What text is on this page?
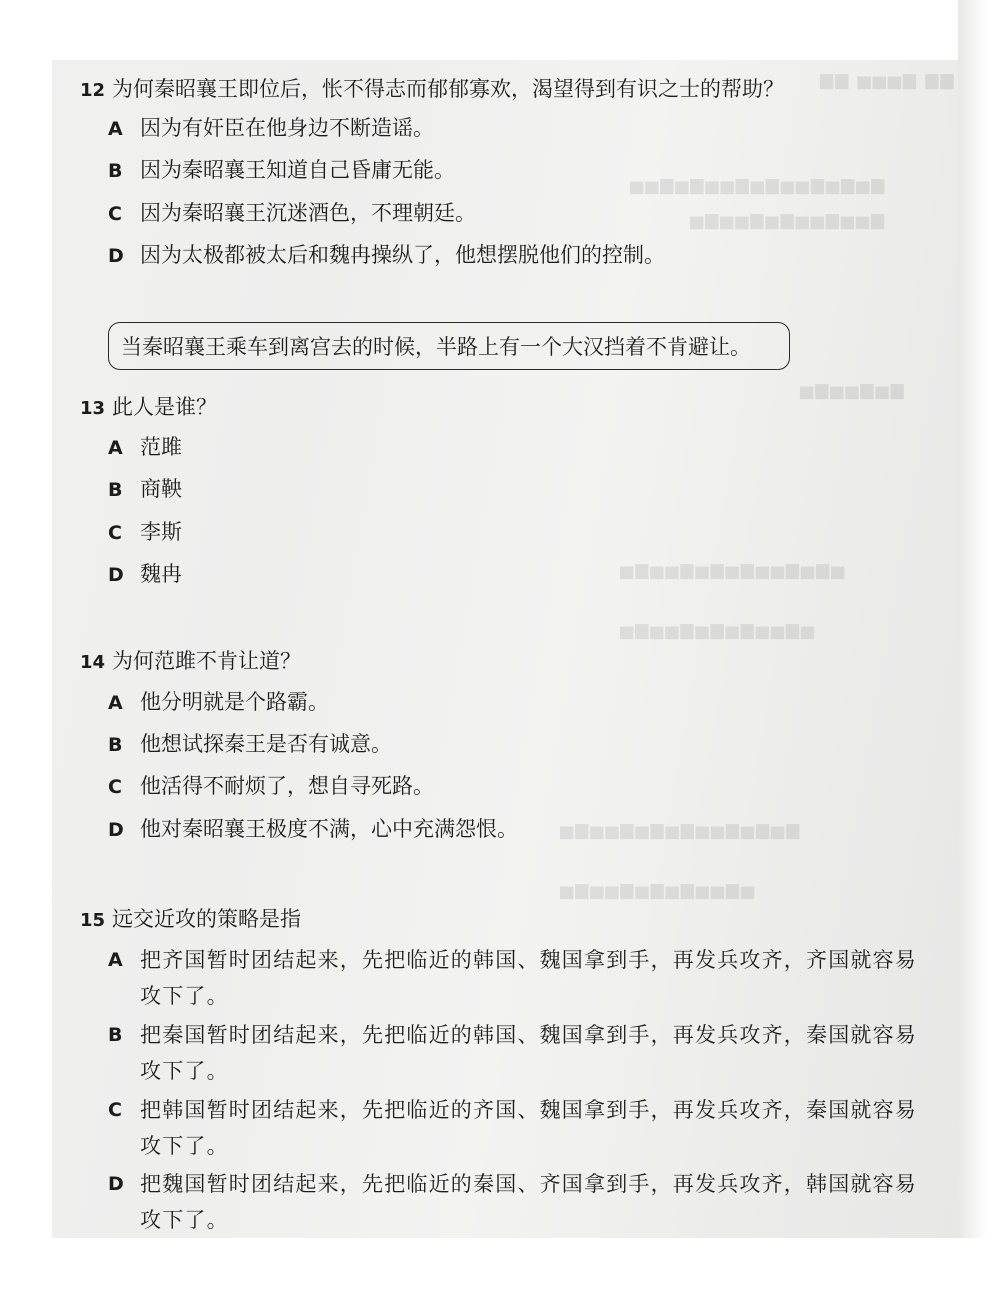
▆▆ ▅▅▅▆ ▆▆
▅▅▆▅▆▅▅▆▅▆▅▅▆▅▆▅▆
▅▆▅▅▆▅▆▅▅▆▅▅▆
▅▆▅▅▆▅▆
▅▆▅▅▆▅▆▅▆▅▅▆▅▆▅
▅▆▅▅▆▅▆▅▆▅▅▆▅
▅▆▅▅▆▅▆▅▆▅▅▆▅▆▅▆
▅▆▅▅▆▅▆▅▆▅▅▆▅
12 为何秦昭襄王即位后，怅不得志而郁郁寡欢，渴望得到有识之士的帮助？
A 因为有奸臣在他身边不断造谣。
B 因为秦昭襄王知道自己昏庸无能。
C 因为秦昭襄王沉迷酒色，不理朝廷。
D 因为太极都被太后和魏冉操纵了，他想摆脱他们的控制。
当秦昭襄王乘车到离宫去的时候，半路上有一个大汉挡着不肯避让。
13 此人是谁？
A 范雎
B 商鞅
C 李斯
D 魏冉
14 为何范雎不肯让道？
A 他分明就是个路霸。
B 他想试探秦王是否有诚意。
C 他活得不耐烦了，想自寻死路。
D 他对秦昭襄王极度不满，心中充满怨恨。
15 远交近攻的策略是指
A 把齐国暂时团结起来，先把临近的韩国、魏国拿到手，再发兵攻齐，齐国就容易攻下了。
B 把秦国暂时团结起来，先把临近的韩国、魏国拿到手，再发兵攻齐，秦国就容易攻下了。
C 把韩国暂时团结起来，先把临近的齐国、魏国拿到手，再发兵攻齐，秦国就容易攻下了。
D 把魏国暂时团结起来，先把临近的秦国、齐国拿到手，再发兵攻齐，韩国就容易攻下了。
